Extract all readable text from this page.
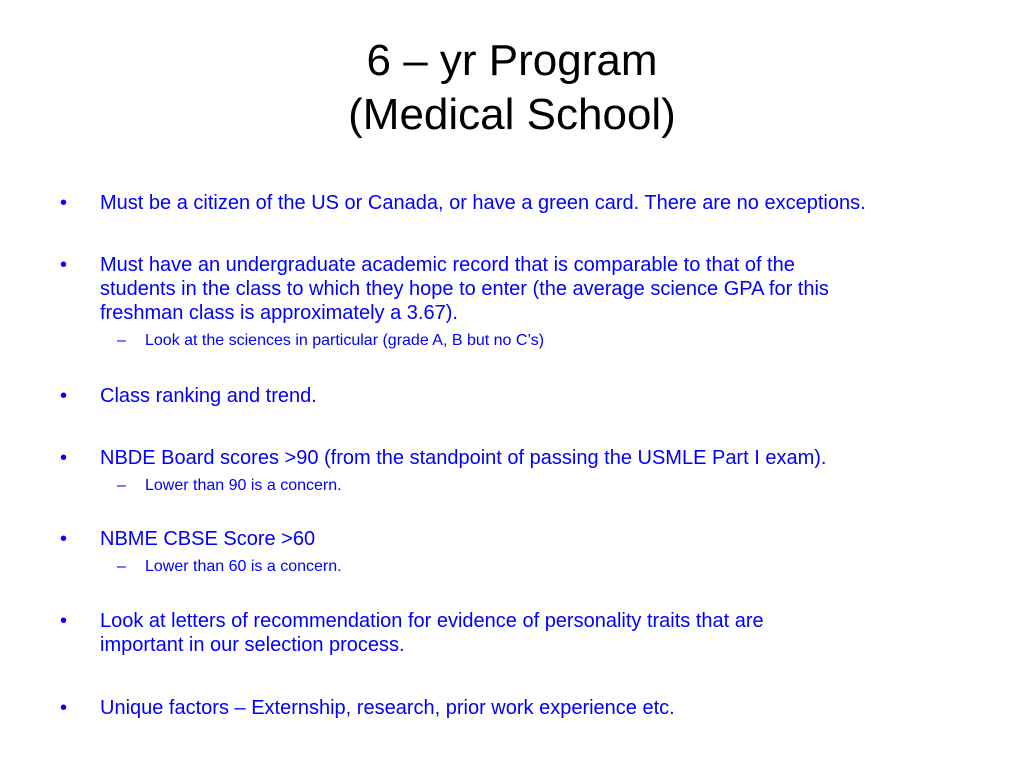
6 – yr Program
(Medical School)
• Must be a citizen of the US or Canada, or have a green card. There are no exceptions.
• Must have an undergraduate academic record that is comparable to that of the
students in the class to which they hope to enter (the average science GPA for this
freshman class is approximately a 3.67).
– Look at the sciences in particular (grade A, B but no C’s)
• Class ranking and trend.
• NBDE Board scores >90 (from the standpoint of passing the USMLE Part I exam).
– Lower than 90 is a concern.
• NBME CBSE Score >60
– Lower than 60 is a concern.
• Look at letters of recommendation for evidence of personality traits that are
important in our selection process.
• Unique factors – Externship, research, prior work experience etc.
